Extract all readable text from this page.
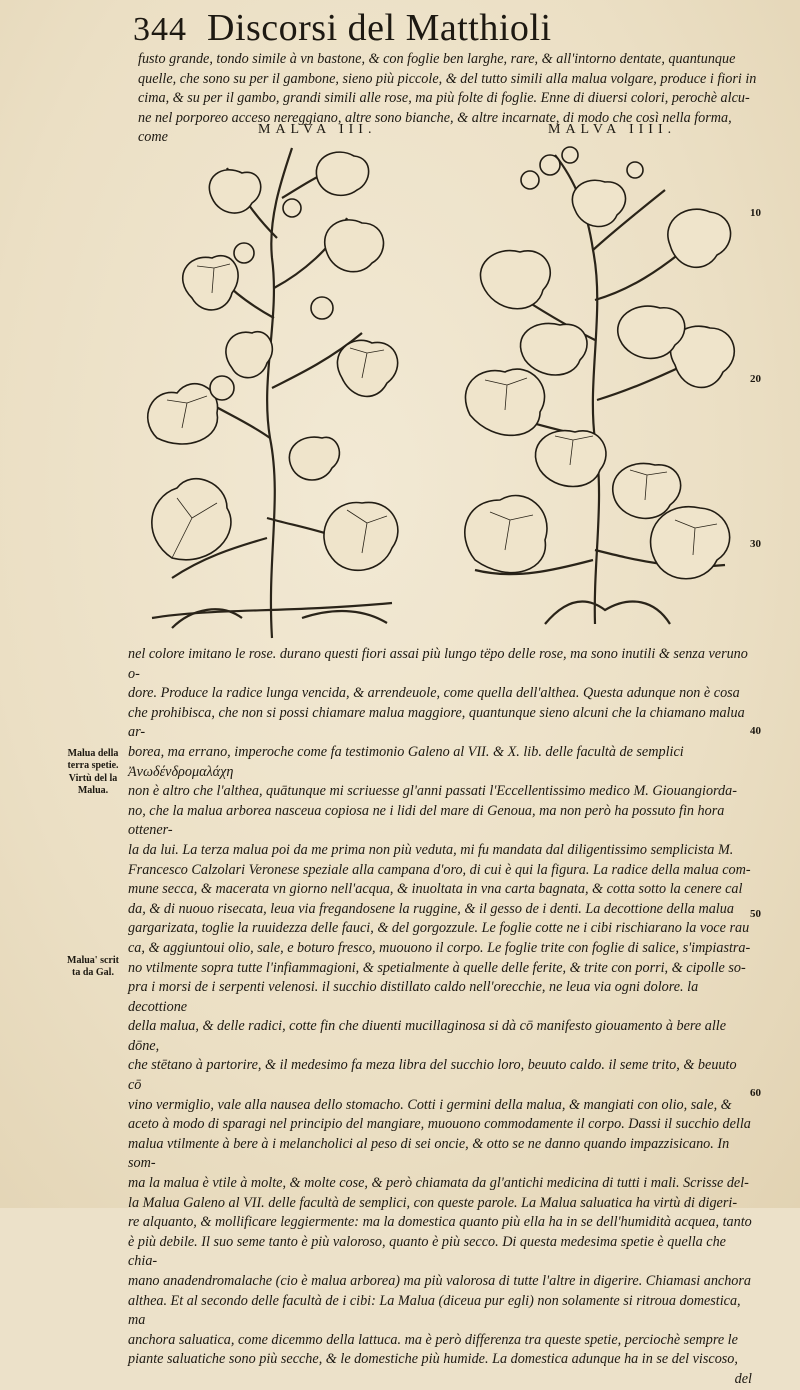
344 Discorsi del Matthioli

fusto grande, tondo simile à vn bastone, & con foglie ben larghe, rare, & all'intorno dentate, quantunque

quelle, che sono su per il gambone, sieno più piccole, & del tutto simili alla malua volgare, produce i fiori in

cima, & su per il gambo, grandi simili alle rose, ma più folte di foglie. Enne di diuersi colori, perochè alcu-

ne nel porporeo acceso nereggiano, altre sono bianche, & altre incarnate, di modo che così nella forma, come	MALVA III.	MALVA IIII.
10
20
30
40
50
60
Malua della terra spetie.
Virtù del la Malua.
Malua' scrit ta da Gal.

nel colore imitano le rose. durano questi fiori assai più lungo tëpo delle rose, ma sono inutili & senza veruno o-

dore. Produce la radice lunga vencida, & arrendeuole, come quella dell'althea. Questa adunque non è cosa

che prohibisca, che non si possi chiamare malua maggiore, quantunque sieno alcuni che la chiamano malua ar-

borea, ma errano, imperoche come fa testimonio Galeno al VII. & X. lib. delle facultà de semplici Ἀνωδένδρομαλάχη

non è altro che l'althea, quātunque mi scriuesse gl'anni passati l'Eccellentissimo medico M. Giouangiorda-

no, che la malua arborea nasceua copiosa ne i lidi del mare di Genoua, ma non però ha possuto fin hora ottener-

la da lui. La terza malua poi da me prima non più veduta, mi fu mandata dal diligentissimo semplicista M.

Francesco Calzolari Veronese speziale alla campana d'oro, di cui è qui la figura. La radice della malua com-

mune secca, & macerata vn giorno nell'acqua, & inuoltata in vna carta bagnata, & cotta sotto la cenere cal

da, & di nuouo risecata, leua via fregandosene la ruggine, & il gesso de i denti. La decottione della malua

gargarizata, toglie la ruuidezza delle fauci, & del gorgozzule. Le foglie cotte ne i cibi rischiarano la voce rau

ca, & aggiuntoui olio, sale, e boturo fresco, muouono il corpo. Le foglie trite con foglie di salice, s'impiastra-

no vtilmente sopra tutte l'infiammagioni, & spetialmente à quelle delle ferite, & trite con porri, & cipolle so-

pra i morsi de i serpenti velenosi. il succhio distillato caldo nell'orecchie, ne leua via ogni dolore. la decottione

della malua, & delle radici, cotte fin che diuenti mucillaginosa si dà cō manifesto giouamento à bere alle dōne,

che stētano à partorire, & il medesimo fa meza libra del succhio loro, beuuto caldo. il seme trito, & beuuto cō

vino vermiglio, vale alla nausea dello stomacho. Cotti i germini della malua, & mangiati con olio, sale, &

aceto à modo di sparagi nel principio del mangiare, muouono commodamente il corpo. Dassi il succhio della

malua vtilmente à bere à i melancholici al peso di sei oncie, & otto se ne danno quando impazzisicano. In som-

ma la malua è vtile à molte, & molte cose, & però chiamata da gl'antichi medicina di tutti i mali. Scrisse del-

la Malua Galeno al VII. delle facultà de semplici, con queste parole. La Malua saluatica ha virtù di digeri-

re alquanto, & mollificare leggiermente: ma la domestica quanto più ella ha in se dell'humidità acquea, tanto

è più debile. Il suo seme tanto è più valoroso, quanto è più secco. Di questa medesima spetie è quella che chia-

mano anadendromalache (cio è malua arborea) ma più valorosa di tutte l'altre in digerire. Chiamasi anchora

althea. Et al secondo delle facultà de i cibi: La Malua (diceua pur egli) non solamente si ritroua domestica, ma

anchora saluatica, come dicemmo della lattuca. ma è però differenza tra queste spetie, perciochè sempre le

piante saluatiche sono più secche, & le domestiche più humide. La domestica adunque ha in se del viscoso,

del
